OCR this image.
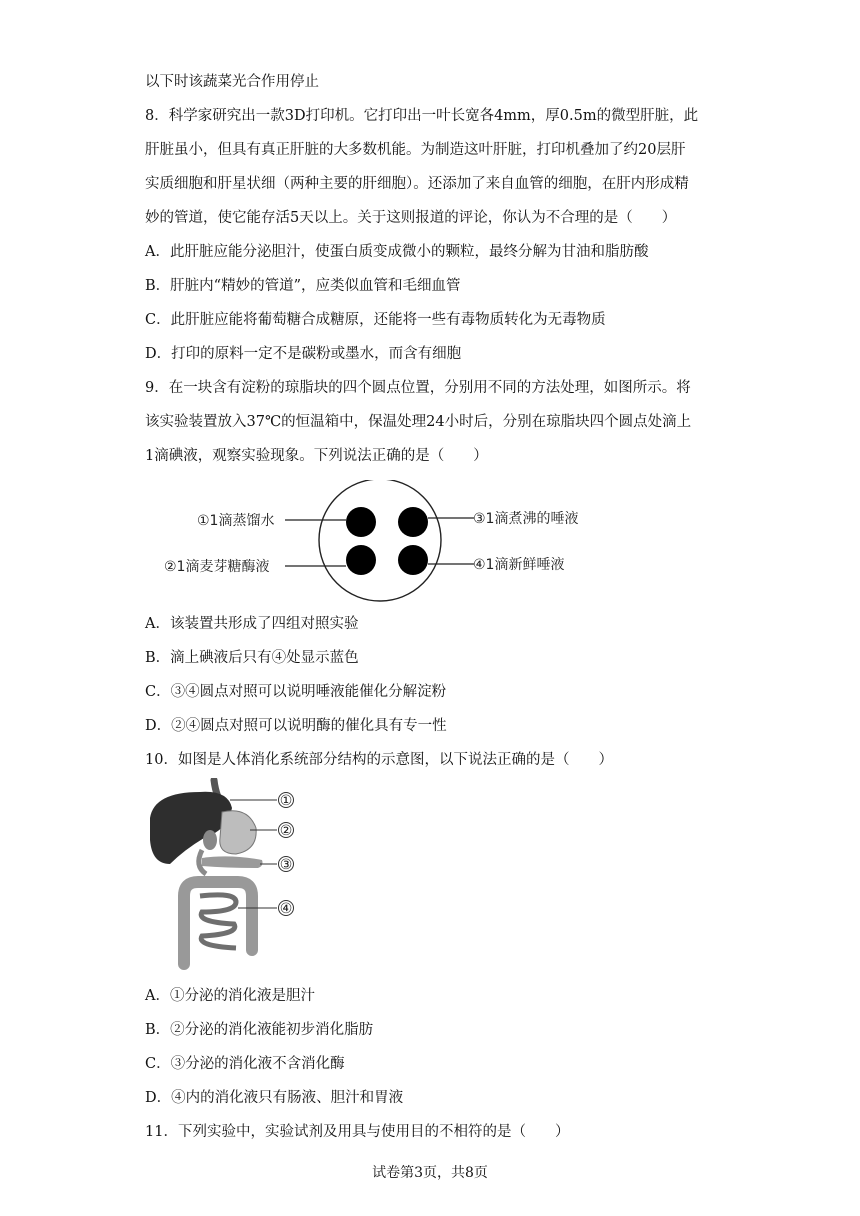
以下时该蔬菜光合作用停止
8．科学家研究出一款3D打印机。它打印出一叶长宽各4mm，厚0.5m的微型肝脏，此
肝脏虽小，但具有真正肝脏的大多数机能。为制造这叶肝脏，打印机叠加了约20层肝
实质细胞和肝星状细（两种主要的肝细胞）。还添加了来自血管的细胞，在肝内形成精
妙的管道，使它能存活5天以上。关于这则报道的评论，你认为不合理的是（　　）
A．此肝脏应能分泌胆汁，使蛋白质变成微小的颗粒，最终分解为甘油和脂肪酸
B．肝脏内“精妙的管道”，应类似血管和毛细血管
C．此肝脏应能将葡萄糖合成糖原，还能将一些有毒物质转化为无毒物质
D．打印的原料一定不是碳粉或墨水，而含有细胞
9．在一块含有淀粉的琼脂块的四个圆点位置，分别用不同的方法处理，如图所示。将
该实验装置放入37℃的恒温箱中，保温处理24小时后，分别在琼脂块四个圆点处滴上
1滴碘液，观察实验现象。下列说法正确的是（　　）
①1滴蒸馏水
②1滴麦芽糖酶液
③1滴煮沸的唾液
④1滴新鲜唾液
A．该装置共形成了四组对照实验
B．滴上碘液后只有④处显示蓝色
C．③④圆点对照可以说明唾液能催化分解淀粉
D．②④圆点对照可以说明酶的催化具有专一性
10．如图是人体消化系统部分结构的示意图，以下说法正确的是（　　）
①
②
③
④
A．①分泌的消化液是胆汁
B．②分泌的消化液能初步消化脂肪
C．③分泌的消化液不含消化酶
D．④内的消化液只有肠液、胆汁和胃液
11．下列实验中，实验试剂及用具与使用目的不相符的是（　　）
试卷第3页，共8页
